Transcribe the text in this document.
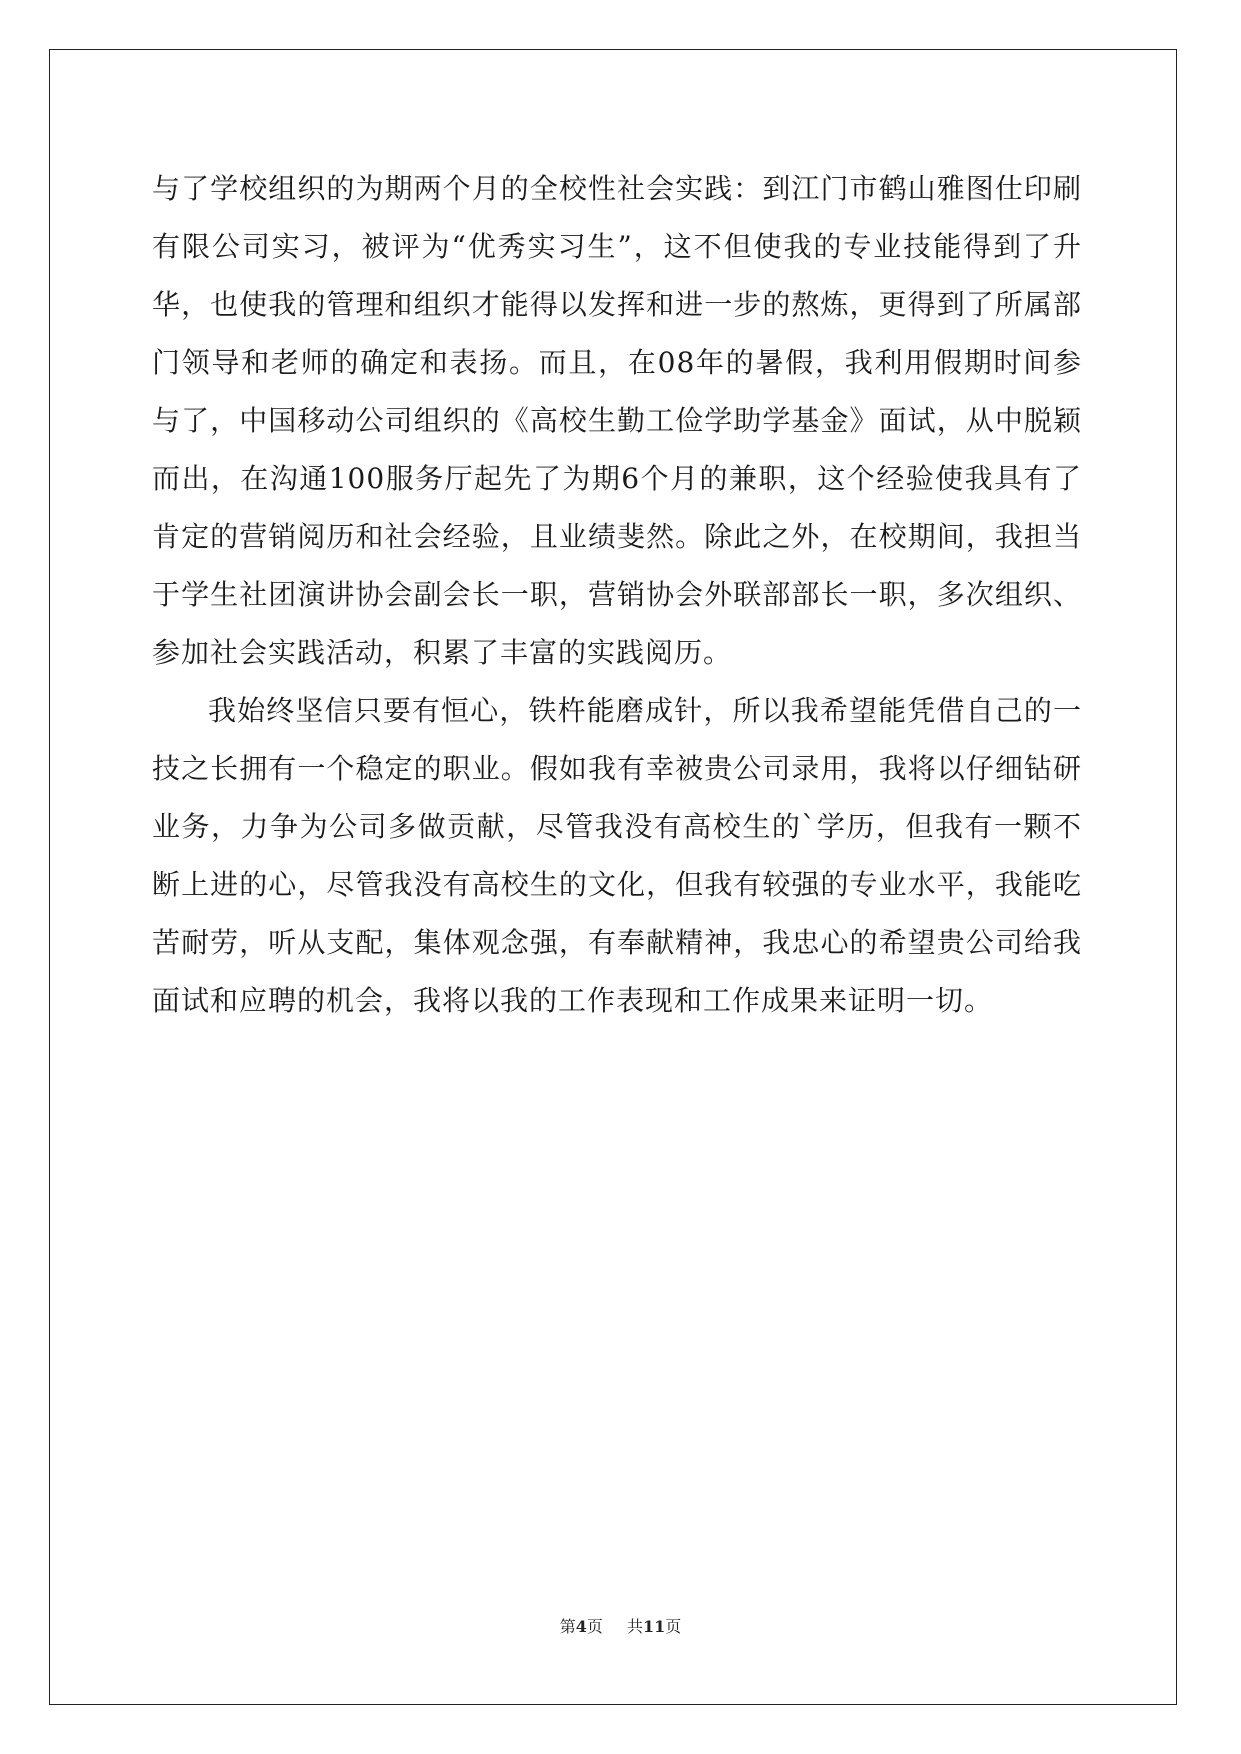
与了学校组织的为期两个月的全校性社会实践：到江门市鹤山雅图仕印刷有限公司实习，被评为“优秀实习生”，这不但使我的专业技能得到了升华，也使我的管理和组织才能得以发挥和进一步的熬炼，更得到了所属部门领导和老师的确定和表扬。而且，在08年的暑假，我利用假期时间参与了，中国移动公司组织的《高校生勤工俭学助学基金》面试，从中脱颖而出，在沟通100服务厅起先了为期6个月的兼职，这个经验使我具有了肯定的营销阅历和社会经验，且业绩斐然。除此之外，在校期间，我担当于学生社团演讲协会副会长一职，营销协会外联部部长一职，多次组织、参加社会实践活动，积累了丰富的实践阅历。

我始终坚信只要有恒心，铁杵能磨成针，所以我希望能凭借自己的一技之长拥有一个稳定的职业。假如我有幸被贵公司录用，我将以仔细钻研业务，力争为公司多做贡献，尽管我没有高校生的`学历，但我有一颗不断上进的心，尽管我没有高校生的文化，但我有较强的专业水平，我能吃苦耐劳，听从支配，集体观念强，有奉献精神，我忠心的希望贵公司给我面试和应聘的机会，我将以我的工作表现和工作成果来证明一切。

第4页 共11页
